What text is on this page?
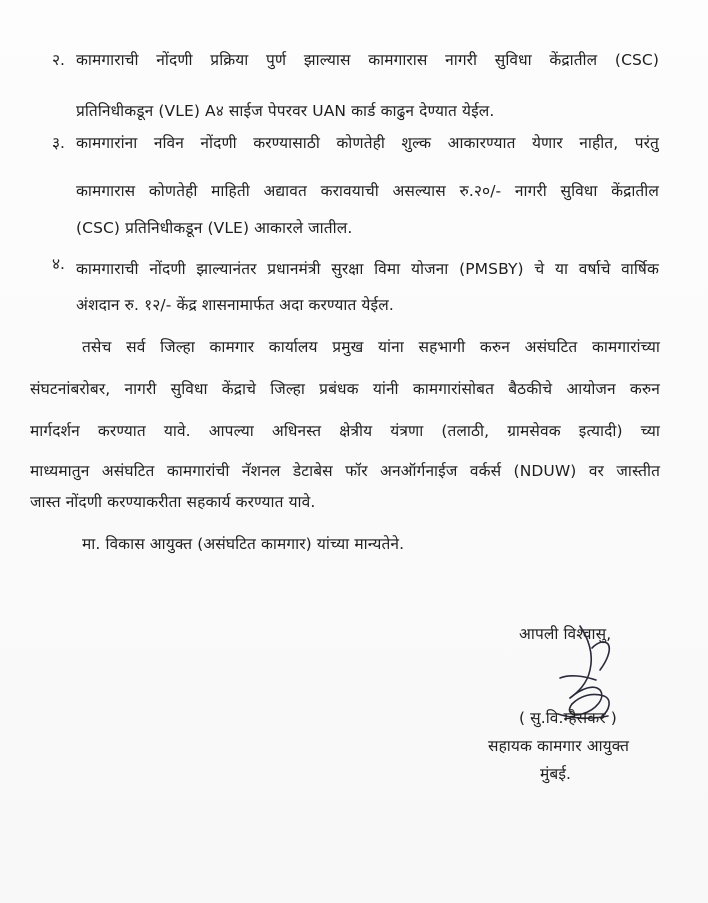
२. कामगाराची नोंदणी प्रक्रिया पुर्ण झाल्यास कामगारास नागरी सुविधा केंद्रातील (CSC)
प्रतिनिधीकडून (VLE) A४ साईज पेपरवर UAN कार्ड काढुन देण्यात येईल.
३. कामगारांना नविन नोंदणी करण्यासाठी कोणतेही शुल्क आकारण्यात येणार नाहीत, परंतु
कामगारास कोणतेही माहिती अद्यावत करावयाची असल्यास रु.२०/- नागरी सुविधा केंद्रातील
(CSC) प्रतिनिधीकडून (VLE) आकारले जातील.
४. कामगाराची नोंदणी झाल्यानंतर प्रधानमंत्री सुरक्षा विमा योजना (PMSBY) चे या वर्षाचे वार्षिक
अंशदान रु. १२/- केंद्र शासनामार्फत अदा करण्यात येईल.
तसेच सर्व जिल्हा कामगार कार्यालय प्रमुख यांना सहभागी करुन असंघटित कामगारांच्या
संघटनांबरोबर, नागरी सुविधा केंद्राचे जिल्हा प्रबंधक यांनी कामगारांसोबत बैठकीचे आयोजन करुन
मार्गदर्शन करण्यात यावे. आपल्या अधिनस्त क्षेत्रीय यंत्रणा (तलाठी, ग्रामसेवक इत्यादी) च्या
माध्यमातुन असंघटित कामगारांची नॅशनल डेटाबेस फॉर अनऑर्गनाईज वर्कर्स (NDUW) वर जास्तीत
जास्त नोंदणी करण्याकरीता सहकार्य करण्यात यावे.
मा. विकास आयुक्त (असंघटित कामगार) यांच्या मान्यतेने.
आपली विश्वासु,
( सु.वि.म्हैसकर )
सहायक कामगार आयुक्त
मुंबई.
